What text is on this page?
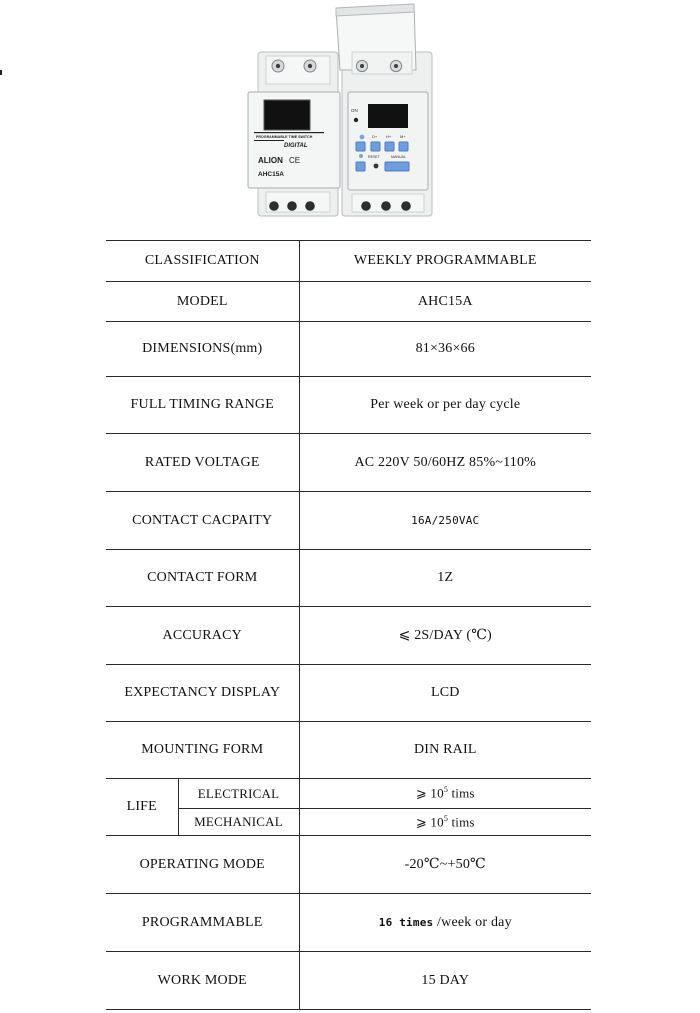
PROGRAMMABLE TIME SWITCH
DIGITAL
ALION CE
AHC15A
ON
D+ H+ M+
RESET	MANUAL
CLASSIFICATION		WEEKLY PROGRAMMABLE
MODEL		AHC15A
DIMENSIONS(mm)		81×36×66
FULL TIMING RANGE		Per week or per day cycle
RATED VOLTAGE		AC 220V 50/60HZ 85%~110%
CONTACT CACPAITY		16A/250VAC
CONTACT FORM		1Z
ACCURACY		⩽ 2S/DAY (℃)
EXPECTANCY DISPLAY		LCD
MOUNTING FORM		DIN RAIL
LIFE	ELECTRICAL	⩾ $10^5$ tims
	MECHANICAL	⩾ $10^5$ tims
OPERATING MODE		-20℃~+50℃
PROGRAMMABLE		16 times /week or day
WORK MODE		15 DAY
